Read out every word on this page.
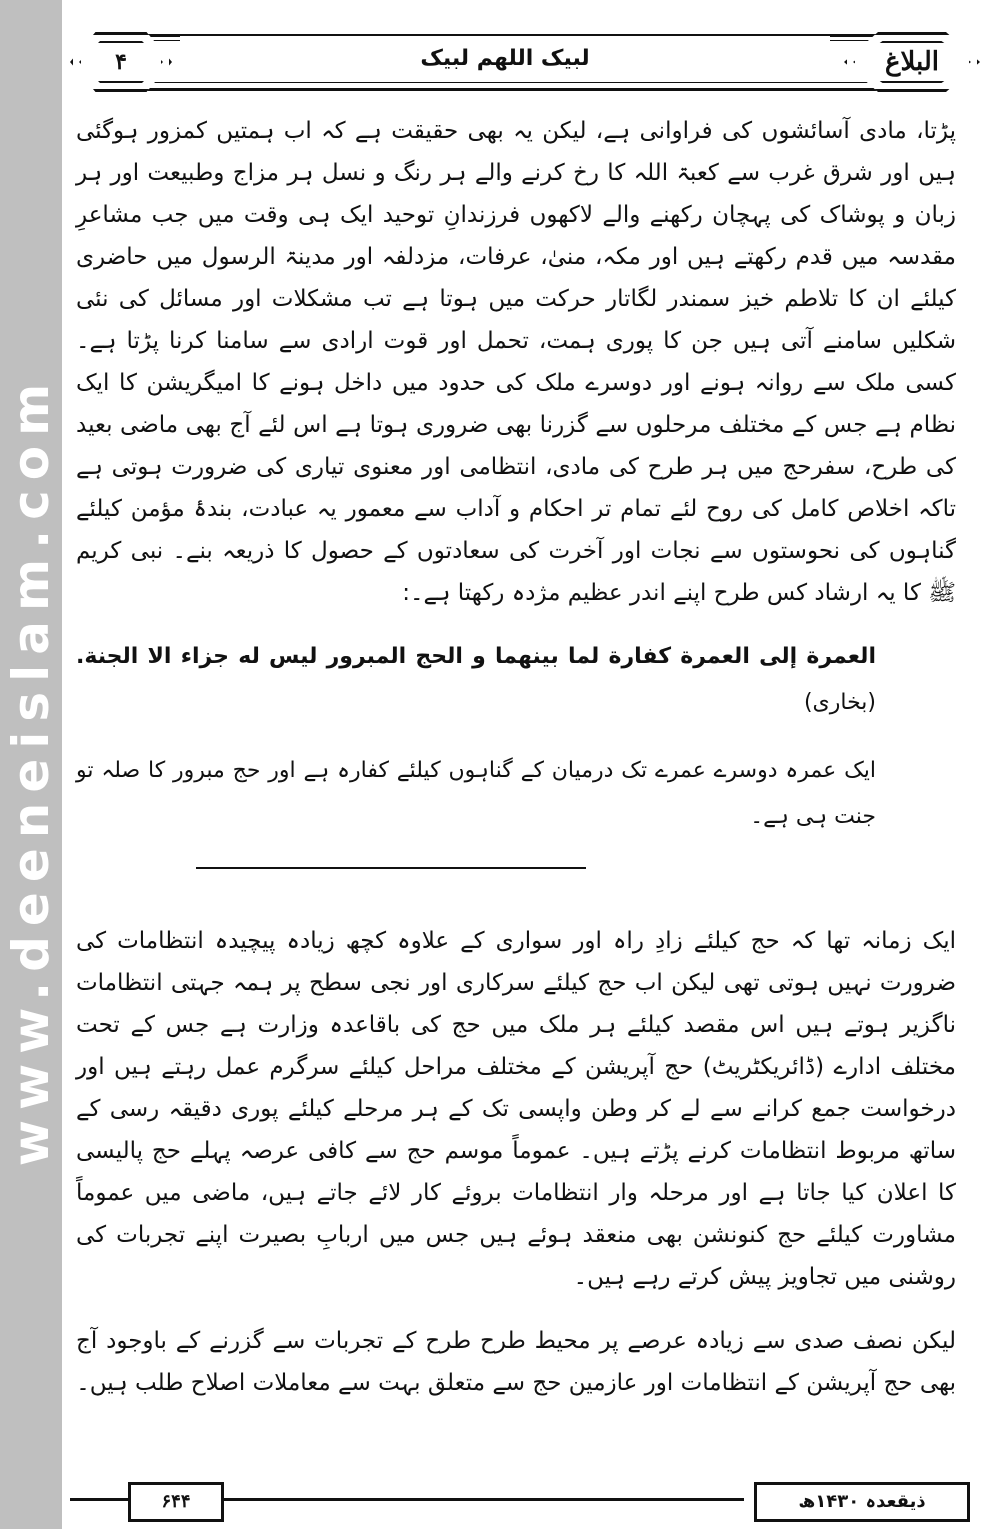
www.deeneislam.com
۴	البلاغ
لبیک اللھم لبیک

پڑتا، مادی آسائشوں کی فراوانی ہے، لیکن یہ بھی حقیقت ہے کہ اب ہمتیں کمزور ہوگئی ہیں اور شرق غرب سے کعبۃ اللہ کا رخ کرنے والے ہر رنگ و نسل ہر مزاج وطبیعت اور ہر زبان و پوشاک کی پہچان رکھنے والے لاکھوں فرزندانِ توحید ایک ہی وقت میں جب مشاعرِ مقدسہ میں قدم رکھتے ہیں اور مکہ، منیٰ، عرفات، مزدلفہ اور مدینۃ الرسول میں حاضری کیلئے ان کا تلاطم خیز سمندر لگاتار حرکت میں ہوتا ہے تب مشکلات اور مسائل کی نئی شکلیں سامنے آتی ہیں جن کا پوری ہمت، تحمل اور قوت ارادی سے سامنا کرنا پڑتا ہے۔ کسی ملک سے روانہ ہونے اور دوسرے ملک کی حدود میں داخل ہونے کا امیگریشن کا ایک نظام ہے جس کے مختلف مرحلوں سے گزرنا بھی ضروری ہوتا ہے اس لئے آج بھی ماضی بعید کی طرح، سفرحج میں ہر طرح کی مادی، انتظامی اور معنوی تیاری کی ضرورت ہوتی ہے تاکہ اخلاص کامل کی روح لئے تمام تر احکام و آداب سے معمور یہ عبادت، بندۂ مؤمن کیلئے گناہوں کی نحوستوں سے نجات اور آخرت کی سعادتوں کے حصول کا ذریعہ بنے۔ نبی کریم ﷺ کا یہ ارشاد کس طرح اپنے اندر عظیم مژدہ رکھتا ہے۔:

العمرة إلى العمرة كفارة لما بينهما و الحج المبرور ليس له جزاء الا الجنة. (بخاری)
ایک عمرہ دوسرے عمرے تک درمیان کے گناہوں کیلئے کفارہ ہے اور حج مبرور کا صلہ تو جنت ہی ہے۔

ایک زمانہ تھا کہ حج کیلئے زادِ راہ اور سواری کے علاوہ کچھ زیادہ پیچیدہ انتظامات کی ضرورت نہیں ہوتی تھی لیکن اب حج کیلئے سرکاری اور نجی سطح پر ہمہ جہتی انتظامات ناگزیر ہوتے ہیں اس مقصد کیلئے ہر ملک میں حج کی باقاعدہ وزارت ہے جس کے تحت مختلف ادارے (ڈائریکٹریٹ) حج آپریشن کے مختلف مراحل کیلئے سرگرم عمل رہتے ہیں اور درخواست جمع کرانے سے لے کر وطن واپسی تک کے ہر مرحلے کیلئے پوری دقیقہ رسی کے ساتھ مربوط انتظامات کرنے پڑتے ہیں۔ عموماً موسم حج سے کافی عرصہ پہلے حج پالیسی کا اعلان کیا جاتا ہے اور مرحلہ وار انتظامات بروئے کار لائے جاتے ہیں، ماضی میں عموماً مشاورت کیلئے حج کنونشن بھی منعقد ہوئے ہیں جس میں اربابِ بصیرت اپنے تجربات کی روشنی میں تجاویز پیش کرتے رہے ہیں۔

لیکن نصف صدی سے زیادہ عرصے پر محیط طرح طرح کے تجربات سے گزرنے کے باوجود آج بھی حج آپریشن کے انتظامات اور عازمین حج سے متعلق بہت سے معاملات اصلاح طلب ہیں۔

۶۴۴	ذیقعدہ ۱۴۳۰ھ
